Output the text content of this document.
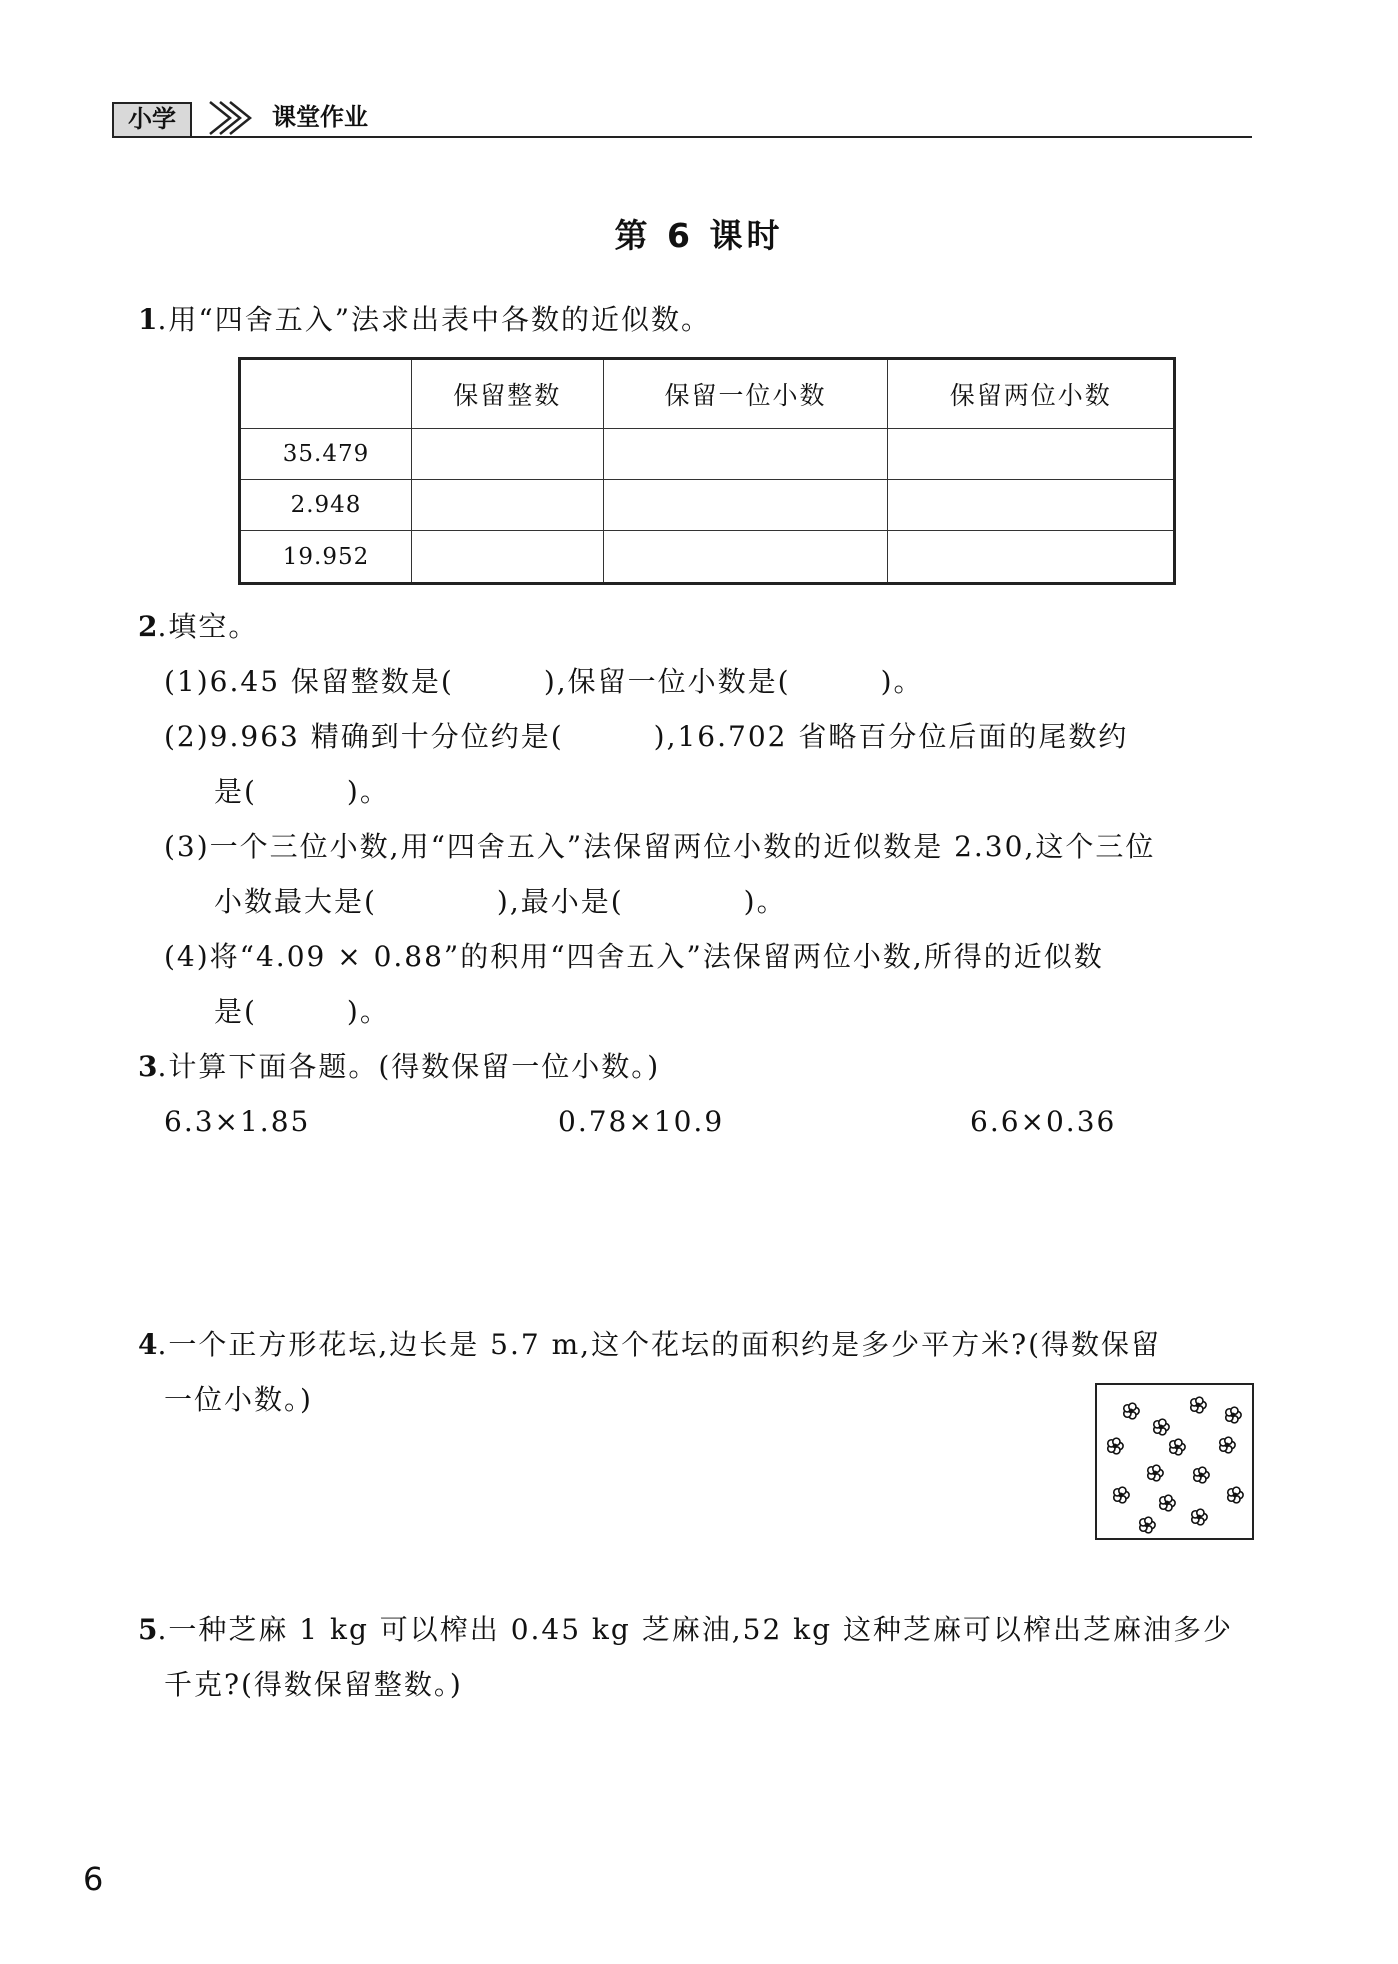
小学	课堂作业
第 6 课时
1.用“四舍五入”法求出表中各数的近似数。
	保留整数	保留一位小数	保留两位小数
35.479			
2.948			
19.952			
2.填空。
(1)6.45 保留整数是(　　　),保留一位小数是(　　　)。
(2)9.963 精确到十分位约是(　　　),16.702 省略百分位后面的尾数约
是(　　　)。
(3)一个三位小数,用“四舍五入”法保留两位小数的近似数是 2.30,这个三位
小数最大是(　　　　),最小是(　　　　)。
(4)将“4.09 × 0.88”的积用“四舍五入”法保留两位小数,所得的近似数
是(　　　)。
3.计算下面各题。(得数保留一位小数。)
6.3×1.85	0.78×10.9	6.6×0.36
4.一个正方形花坛,边长是 5.7 m,这个花坛的面积约是多少平方米?(得数保留
一位小数。)
5.一种芝麻 1 kg 可以榨出 0.45 kg 芝麻油,52 kg 这种芝麻可以榨出芝麻油多少
千克?(得数保留整数。)
6
